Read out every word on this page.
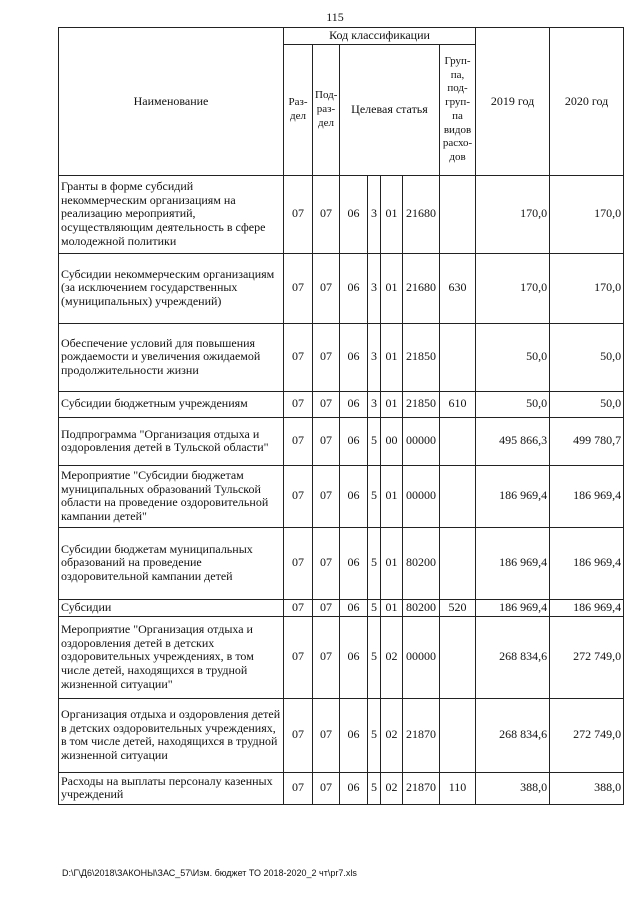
115
Наименование	Код классификации							2019 год	2020 год
	Раз-дел	Под-раз-дел	Целевая статья				Груп-па, под-груп-па видов расхо-дов		
Гранты в форме субсидий некоммерческим организациям на реализацию мероприятий, осуществляющим деятельность в сфере молодежной политики	07	07	06	3	01	21680		170,0	170,0
Субсидии некоммерческим организациям (за исключением государственных (муниципальных) учреждений)	07	07	06	3	01	21680	630	170,0	170,0
Обеспечение условий для повышения рождаемости и увеличения ожидаемой продолжительности жизни	07	07	06	3	01	21850		50,0	50,0
Субсидии бюджетным учреждениям	07	07	06	3	01	21850	610	50,0	50,0
Подпрограмма "Организация отдыха и оздоровления детей в Тульской области"	07	07	06	5	00	00000		495 866,3	499 780,7
Мероприятие "Субсидии бюджетам муниципальных образований Тульской области на проведение оздоровительной кампании детей"	07	07	06	5	01	00000		186 969,4	186 969,4
Субсидии бюджетам муниципальных образований на проведение оздоровительной кампании детей	07	07	06	5	01	80200		186 969,4	186 969,4
Субсидии	07	07	06	5	01	80200	520	186 969,4	186 969,4
Мероприятие "Организация отдыха и оздоровления детей в детских оздоровительных учреждениях, в том числе детей, находящихся в трудной жизненной ситуации"	07	07	06	5	02	00000		268 834,6	272 749,0
Организация отдыха и оздоровления детей в детских оздоровительных учреждениях, в том числе детей, находящихся в трудной жизненной ситуации	07	07	06	5	02	21870		268 834,6	272 749,0
Расходы на выплаты персоналу казенных учреждений	07	07	06	5	02	21870	110	388,0	388,0
D:\Г\Д6\2018\ЗАКОНЫ\ЗАС_57\Изм. бюджет ТО 2018-2020_2 чт\pr7.xls
